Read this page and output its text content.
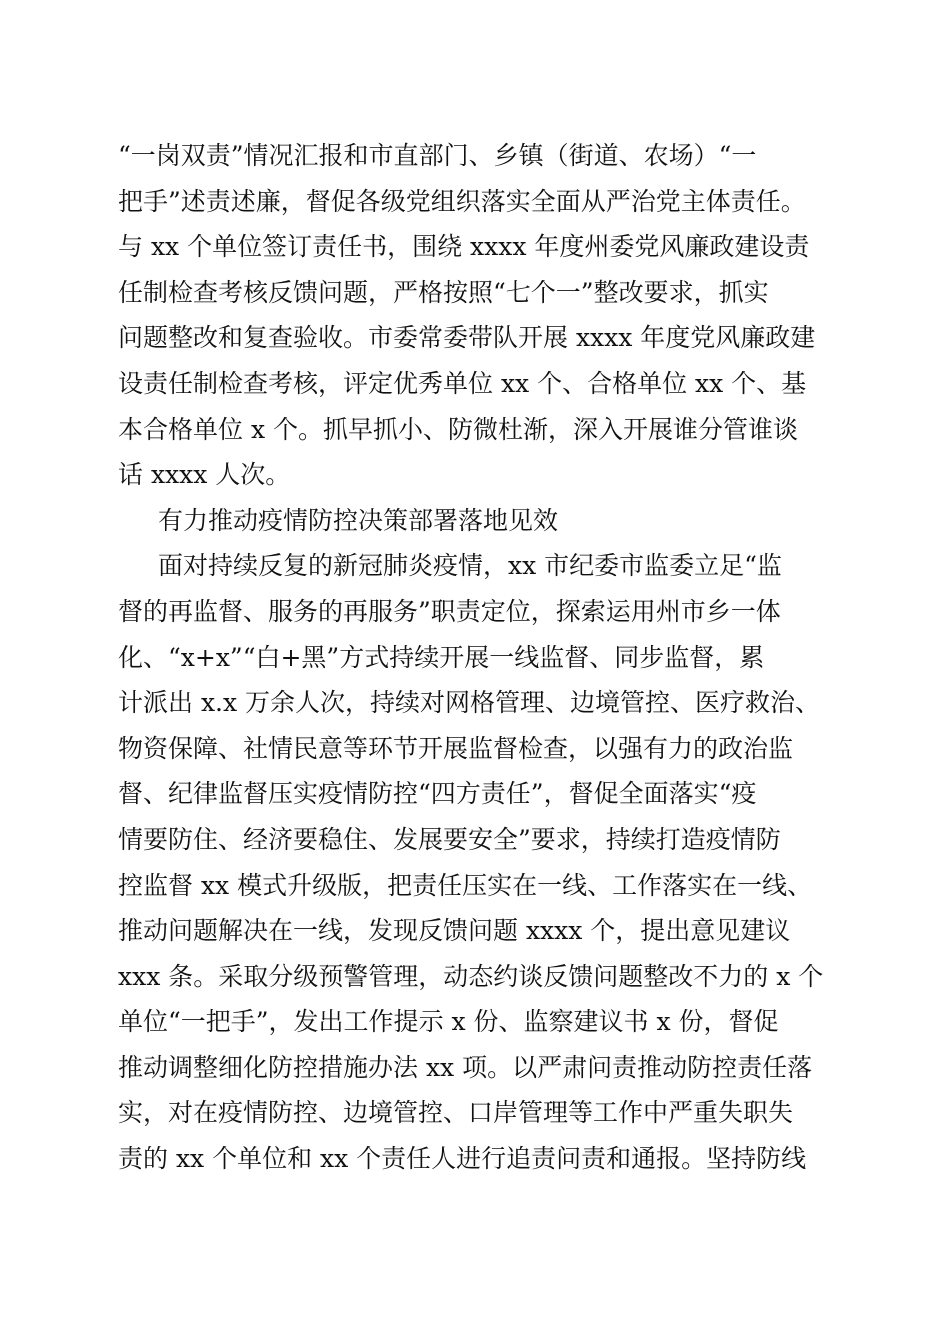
“一岗双责”情况汇报和市直部门、乡镇（街道、农场）“一
把手”述责述廉，督促各级党组织落实全面从严治党主体责任。
与 xx 个单位签订责任书，围绕 xxxx 年度州委党风廉政建设责
任制检查考核反馈问题，严格按照“七个一”整改要求，抓实
问题整改和复查验收。市委常委带队开展 xxxx 年度党风廉政建
设责任制检查考核，评定优秀单位 xx 个、合格单位 xx 个、基
本合格单位 x 个。抓早抓小、防微杜渐，深入开展谁分管谁谈
话 xxxx 人次。
有力推动疫情防控决策部署落地见效
面对持续反复的新冠肺炎疫情，xx 市纪委市监委立足“监
督的再监督、服务的再服务”职责定位，探索运用州市乡一体
化、“x+x”“白+黑”方式持续开展一线监督、同步监督，累
计派出 x.x 万余人次，持续对网格管理、边境管控、医疗救治、
物资保障、社情民意等环节开展监督检查，以强有力的政治监
督、纪律监督压实疫情防控“四方责任”，督促全面落实“疫
情要防住、经济要稳住、发展要安全”要求，持续打造疫情防
控监督 xx 模式升级版，把责任压实在一线、工作落实在一线、
推动问题解决在一线，发现反馈问题 xxxx 个，提出意见建议
xxx 条。采取分级预警管理，动态约谈反馈问题整改不力的 x 个
单位“一把手”，发出工作提示 x 份、监察建议书 x 份，督促
推动调整细化防控措施办法 xx 项。以严肃问责推动防控责任落
实，对在疫情防控、边境管控、口岸管理等工作中严重失职失
责的 xx 个单位和 xx 个责任人进行追责问责和通报。坚持防线
